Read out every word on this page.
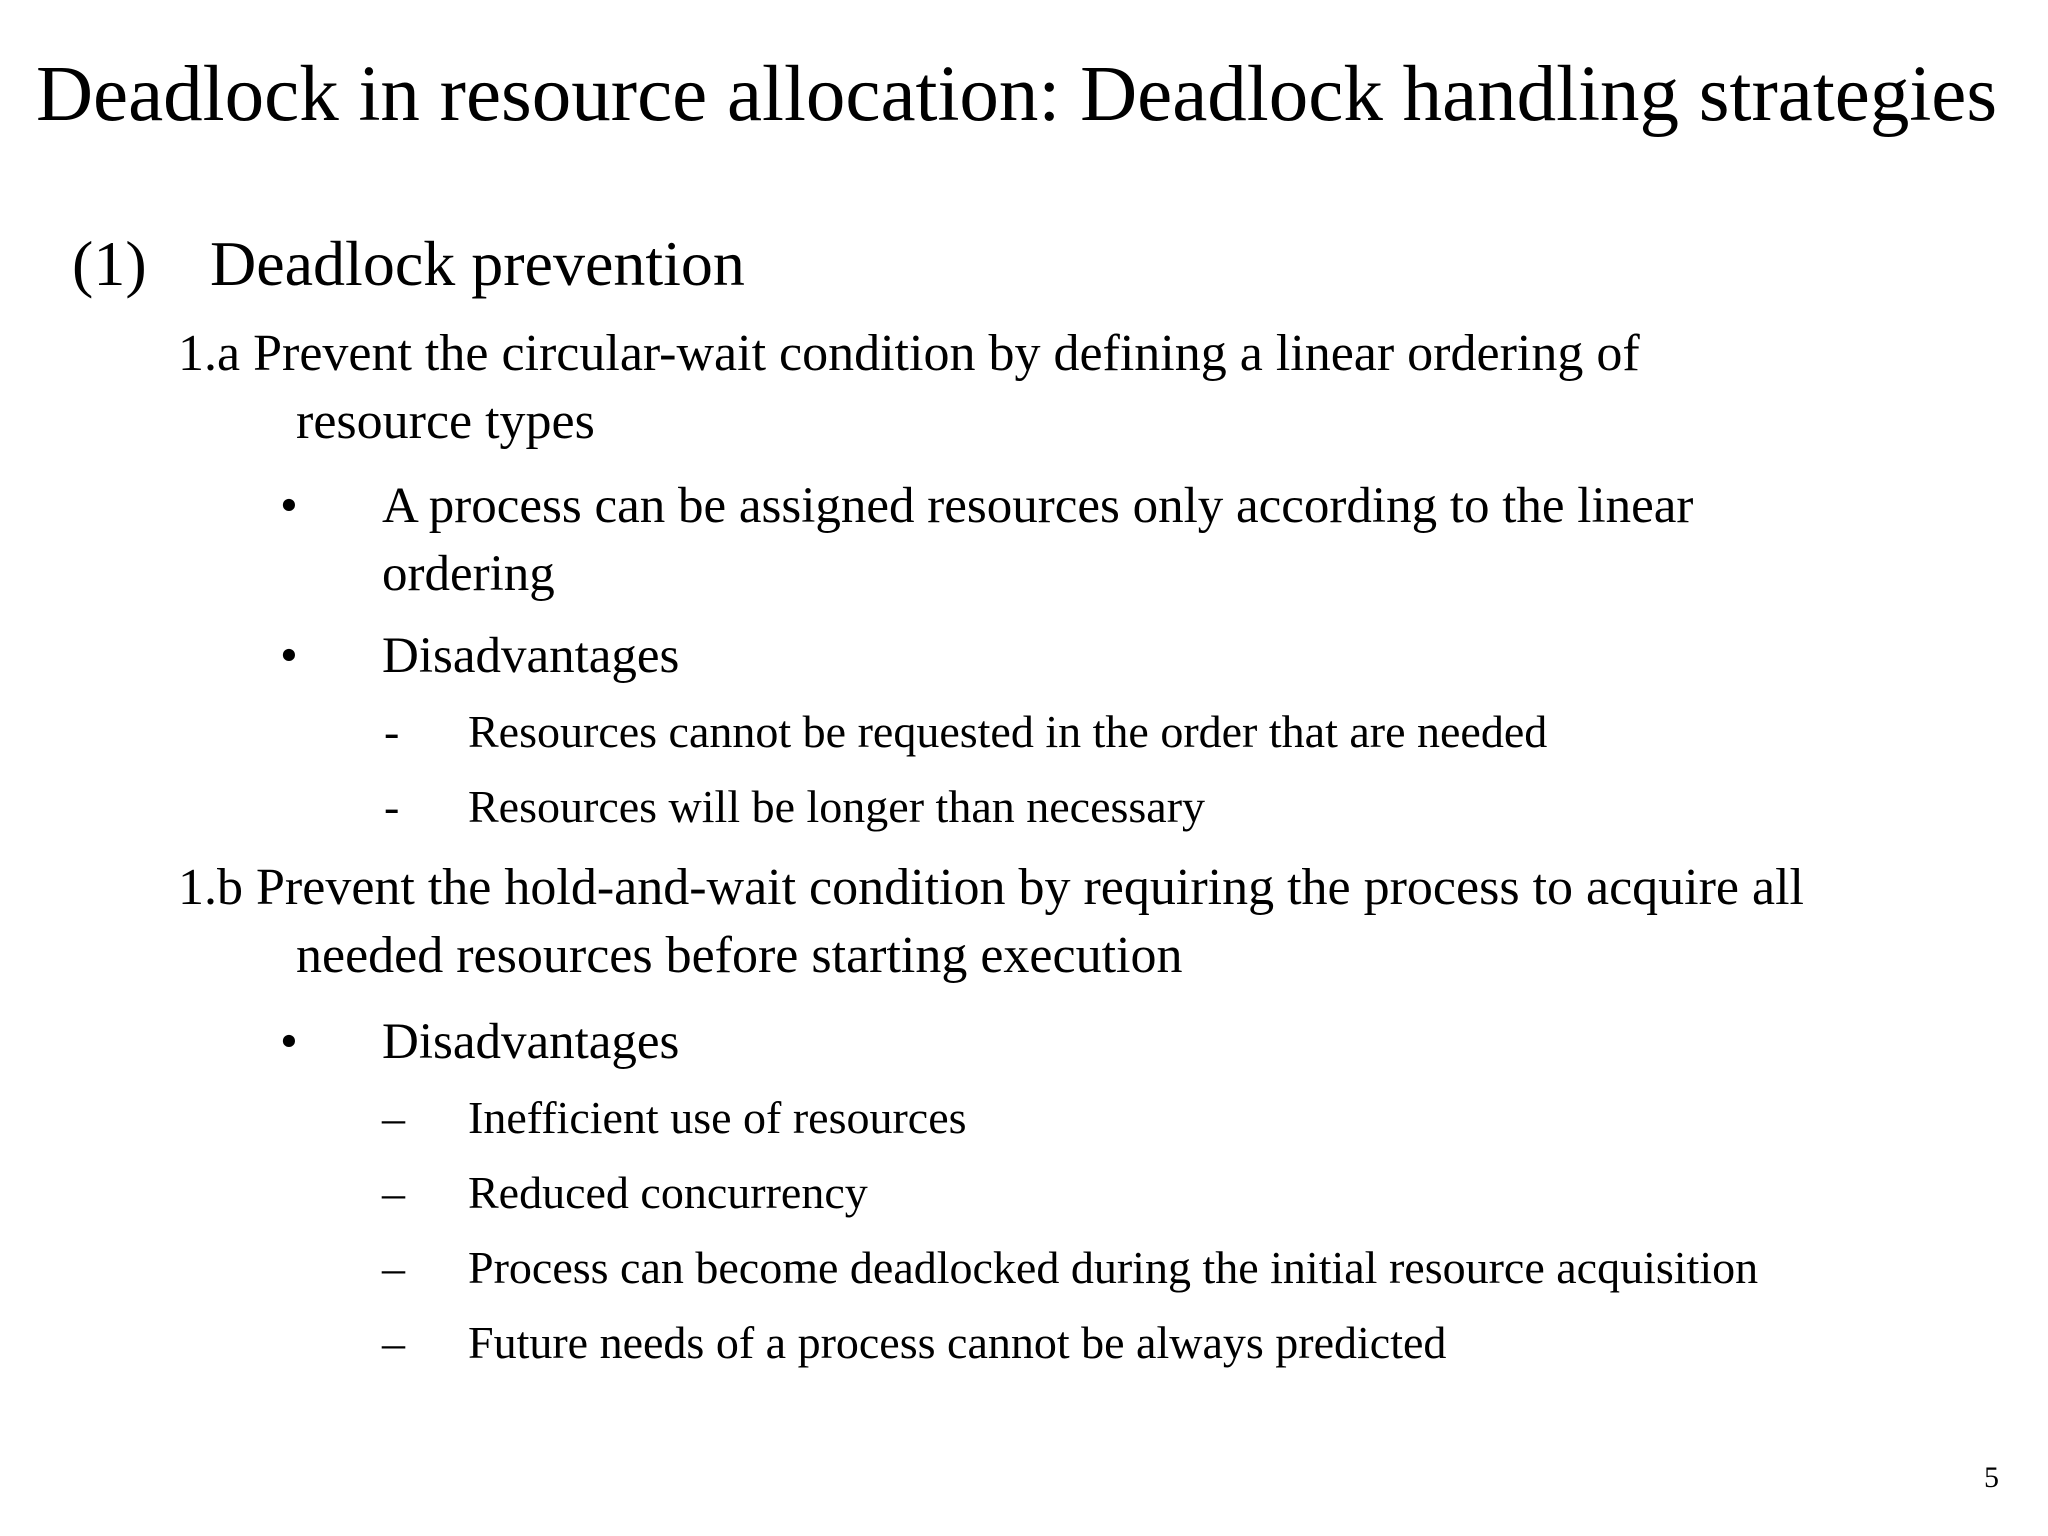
Deadlock in resource allocation: Deadlock handling strategies
(1) Deadlock prevention
1.a Prevent the circular-wait condition by defining a linear ordering of
resource types
• A process can be assigned resources only according to the linear
ordering
• Disadvantages
- Resources cannot be requested in the order that are needed
- Resources will be longer than necessary
1.b Prevent the hold-and-wait condition by requiring the process to acquire all
needed resources before starting execution
• Disadvantages
– Inefficient use of resources
– Reduced concurrency
– Process can become deadlocked during the initial resource acquisition
– Future needs of a process cannot be always predicted
5
